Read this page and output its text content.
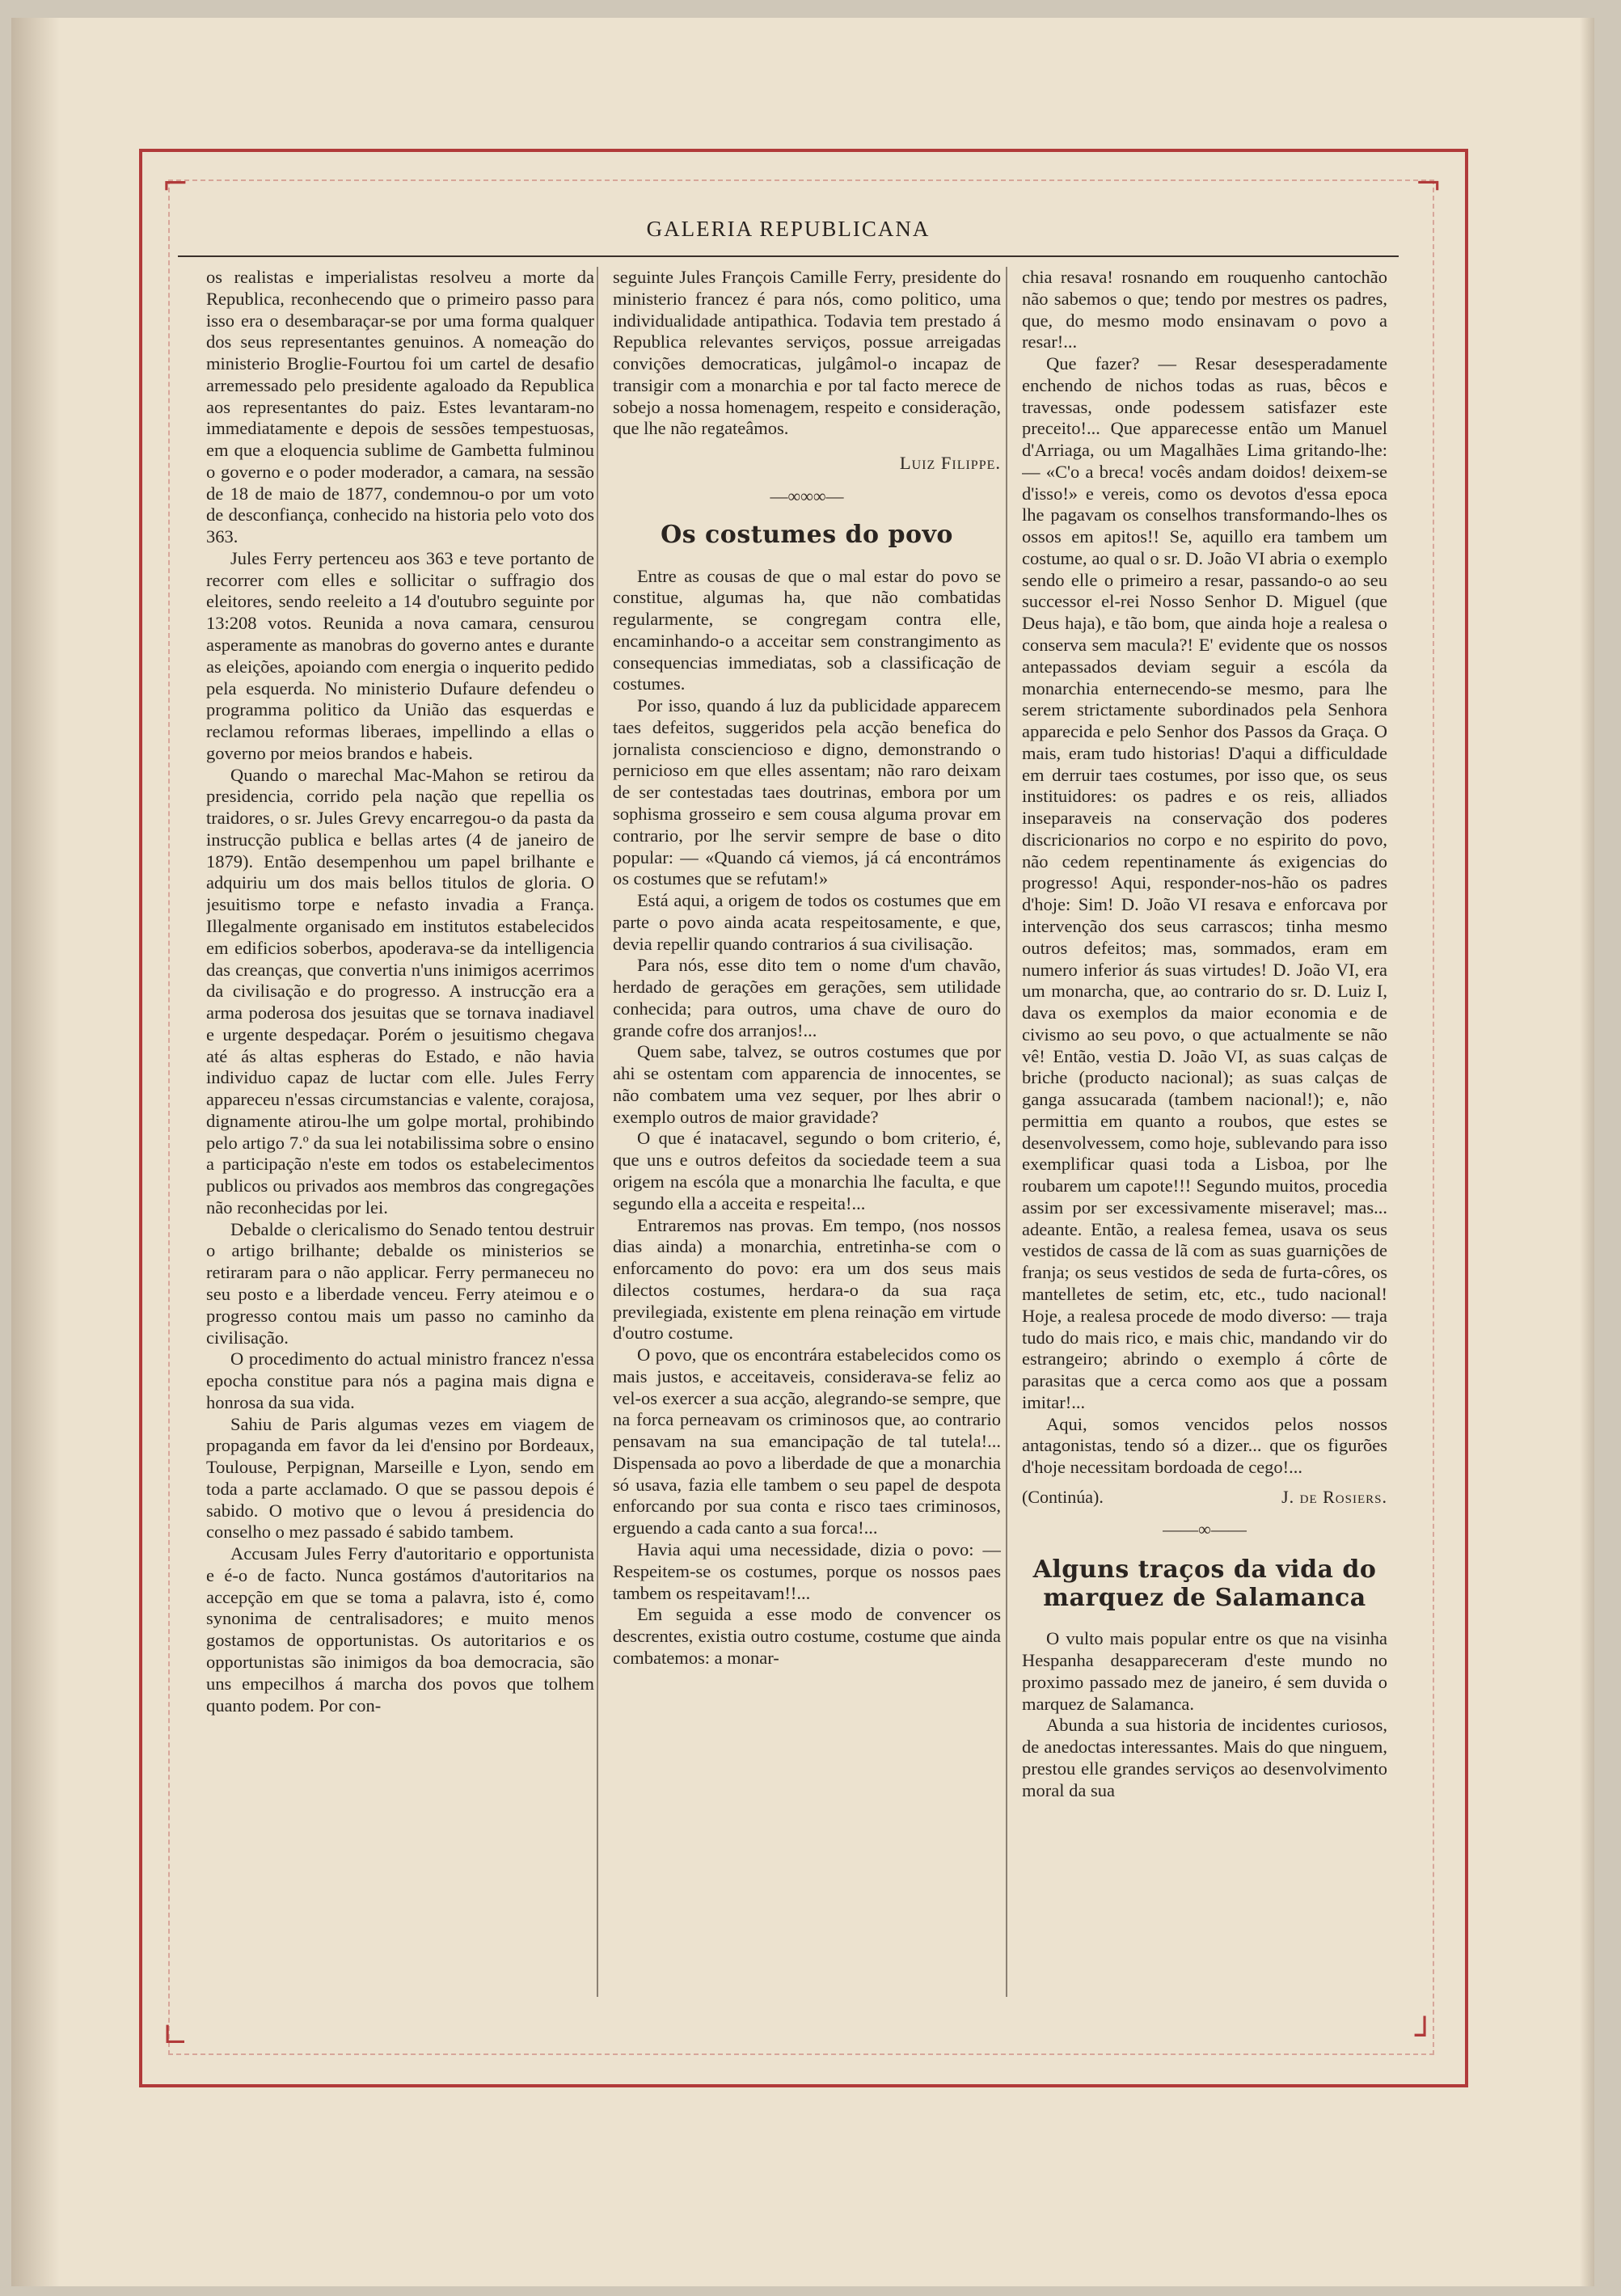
⌐	¬
∟	┘
GALERIA REPUBLICANA

os realistas e imperialistas resolveu a morte da Republica, reconhecendo que o primeiro passo para isso era o desembaraçar-se por uma forma qualquer dos seus representantes genuinos. A nomeação do ministerio Broglie-Fourtou foi um cartel de desafio arremessado pelo presidente agaloado da Republica aos representantes do paiz. Estes levantaram-no immediatamente e depois de sessões tempestuosas, em que a eloquencia sublime de Gambetta fulminou o governo e o poder moderador, a camara, na sessão de 18 de maio de 1877, condemnou-o por um voto de desconfiança, conhecido na historia pelo voto dos 363.

Jules Ferry pertenceu aos 363 e teve portanto de recorrer com elles e sollicitar o suffragio dos eleitores, sendo reeleito a 14 d'outubro seguinte por 13:208 votos. Reunida a nova camara, censurou asperamente as manobras do governo antes e durante as eleições, apoiando com energia o inquerito pedido pela esquerda. No ministerio Dufaure defendeu o programma politico da União das esquerdas e reclamou reformas liberaes, impellindo a ellas o governo por meios brandos e habeis.

Quando o marechal Mac-Mahon se retirou da presidencia, corrido pela nação que repellia os traidores, o sr. Jules Grevy encarregou-o da pasta da instrucção publica e bellas artes (4 de janeiro de 1879). Então desempenhou um papel brilhante e adquiriu um dos mais bellos titulos de gloria. O jesuitismo torpe e nefasto invadia a França. Illegalmente organisado em institutos estabelecidos em edificios soberbos, apoderava-se da intelligencia das creanças, que convertia n'uns inimigos acerrimos da civilisação e do progresso. A instrucção era a arma poderosa dos jesuitas que se tornava inadiavel e urgente despedaçar. Porém o jesuitismo chegava até ás altas espheras do Estado, e não havia individuo capaz de luctar com elle. Jules Ferry appareceu n'essas circumstancias e valente, corajosa, dignamente atirou-lhe um golpe mortal, prohibindo pelo artigo 7.º da sua lei notabilissima sobre o ensino a participação n'este em todos os estabelecimentos publicos ou privados aos membros das congregações não reconhecidas por lei.

Debalde o clericalismo do Senado tentou destruir o artigo brilhante; debalde os ministerios se retiraram para o não applicar. Ferry permaneceu no seu posto e a liberdade venceu. Ferry ateimou e o progresso contou mais um passo no caminho da civilisação.

O procedimento do actual ministro francez n'essa epocha constitue para nós a pagina mais digna e honrosa da sua vida.

Sahiu de Paris algumas vezes em viagem de propaganda em favor da lei d'ensino por Bordeaux, Toulouse, Perpignan, Marseille e Lyon, sendo em toda a parte acclamado. O que se passou depois é sabido. O motivo que o levou á presidencia do conselho o mez passado é sabido tambem.

Accusam Jules Ferry d'autoritario e opportunista e é-o de facto. Nunca gostámos d'autoritarios na accepção em que se toma a palavra, isto é, como synonima de centralisadores; e muito menos gostamos de opportunistas. Os autoritarios e os opportunistas são inimigos da boa democracia, são uns empecilhos á marcha dos povos que tolhem quanto podem. Por con-

seguinte Jules François Camille Ferry, presidente do ministerio francez é para nós, como politico, uma individualidade antipathica. Todavia tem prestado á Republica relevantes serviços, possue arreigadas convições democraticas, julgâmol-o incapaz de transigir com a monarchia e por tal facto merece de sobejo a nossa homenagem, respeito e consideração, que lhe não regateâmos.

Luiz Filippe.
—∞∞∞—
Os costumes do povo

Entre as cousas de que o mal estar do povo se constitue, algumas ha, que não combatidas regularmente, se congregam contra elle, encaminhando-o a acceitar sem constrangimento as consequencias immediatas, sob a classificação de costumes.

Por isso, quando á luz da publicidade apparecem taes defeitos, suggeridos pela acção benefica do jornalista consciencioso e digno, demonstrando o pernicioso em que elles assentam; não raro deixam de ser contestadas taes doutrinas, embora por um sophisma grosseiro e sem cousa alguma provar em contrario, por lhe servir sempre de base o dito popular: — «Quando cá viemos, já cá encontrámos os costumes que se refutam!»

Está aqui, a origem de todos os costumes que em parte o povo ainda acata respeitosamente, e que, devia repellir quando contrarios á sua civilisação.

Para nós, esse dito tem o nome d'um chavão, herdado de gerações em gerações, sem utilidade conhecida; para outros, uma chave de ouro do grande cofre dos arranjos!...

Quem sabe, talvez, se outros costumes que por ahi se ostentam com apparencia de innocentes, se não combatem uma vez sequer, por lhes abrir o exemplo outros de maior gravidade?

O que é inatacavel, segundo o bom criterio, é, que uns e outros defeitos da sociedade teem a sua origem na escóla que a monarchia lhe faculta, e que segundo ella a acceita e respeita!...

Entraremos nas provas. Em tempo, (nos nossos dias ainda) a monarchia, entretinha-se com o enforcamento do povo: era um dos seus mais dilectos costumes, herdara-o da sua raça previlegiada, existente em plena reinação em virtude d'outro costume.

O povo, que os encontrára estabelecidos como os mais justos, e acceitaveis, considerava-se feliz ao vel-os exercer a sua acção, alegrando-se sempre, que na forca perneavam os criminosos que, ao contrario pensavam na sua emancipação de tal tutela!... Dispensada ao povo a liberdade de que a monarchia só usava, fazia elle tambem o seu papel de despota enforcando por sua conta e risco taes criminosos, erguendo a cada canto a sua forca!...

Havia aqui uma necessidade, dizia o povo: — Respeitem-se os costumes, porque os nossos paes tambem os respeitavam!!...

Em seguida a esse modo de convencer os descrentes, existia outro costume, costume que ainda combatemos: a monar-

chia resava! rosnando em rouquenho cantochão não sabemos o que; tendo por mestres os padres, que, do mesmo modo ensinavam o povo a resar!...

Que fazer? — Resar desesperadamente enchendo de nichos todas as ruas, bêcos e travessas, onde podessem satisfazer este preceito!... Que apparecesse então um Manuel d'Arriaga, ou um Magalhães Lima gritando-lhe: — «C'o a breca! vocês andam doidos! deixem-se d'isso!» e vereis, como os devotos d'essa epoca lhe pagavam os conselhos transformando-lhes os ossos em apitos!! Se, aquillo era tambem um costume, ao qual o sr. D. João VI abria o exemplo sendo elle o primeiro a resar, passando-o ao seu successor el-rei Nosso Senhor D. Miguel (que Deus haja), e tão bom, que ainda hoje a realesa o conserva sem macula?! E' evidente que os nossos antepassados deviam seguir a escóla da monarchia enternecendo-se mesmo, para lhe serem strictamente subordinados pela Senhora apparecida e pelo Senhor dos Passos da Graça. O mais, eram tudo historias! D'aqui a difficuldade em derruir taes costumes, por isso que, os seus instituidores: os padres e os reis, alliados inseparaveis na conservação dos poderes discricionarios no corpo e no espirito do povo, não cedem repentinamente ás exigencias do progresso! Aqui, responder-nos-hão os padres d'hoje: Sim! D. João VI resava e enforcava por intervenção dos seus carrascos; tinha mesmo outros defeitos; mas, sommados, eram em numero inferior ás suas virtudes! D. João VI, era um monarcha, que, ao contrario do sr. D. Luiz I, dava os exemplos da maior economia e de civismo ao seu povo, o que actualmente se não vê! Então, vestia D. João VI, as suas calças de briche (producto nacional); as suas calças de ganga assucarada (tambem nacional!); e, não permittia em quanto a roubos, que estes se desenvolvessem, como hoje, sublevando para isso exemplificar quasi toda a Lisboa, por lhe roubarem um capote!!! Segundo muitos, procedia assim por ser excessivamente miseravel; mas... adeante. Então, a realesa femea, usava os seus vestidos de cassa de lã com as suas guarnições de franja; os seus vestidos de seda de furta-côres, os mantelletes de setim, etc, etc., tudo nacional! Hoje, a realesa procede de modo diverso: — traja tudo do mais rico, e mais chic, mandando vir do estrangeiro; abrindo o exemplo á côrte de parasitas que a cerca como aos que a possam imitar!...

Aqui, somos vencidos pelos nossos antagonistas, tendo só a dizer... que os figurões d'hoje necessitam bordoada de cego!...

(Continúa).	J. de Rosiers.
——∞——
Alguns traços da vida do marquez de Salamanca

O vulto mais popular entre os que na visinha Hespanha desappareceram d'este mundo no proximo passado mez de janeiro, é sem duvida o marquez de Salamanca.

Abunda a sua historia de incidentes curiosos, de anedoctas interessantes. Mais do que ninguem, prestou elle grandes serviços ao desenvolvimento moral da sua
